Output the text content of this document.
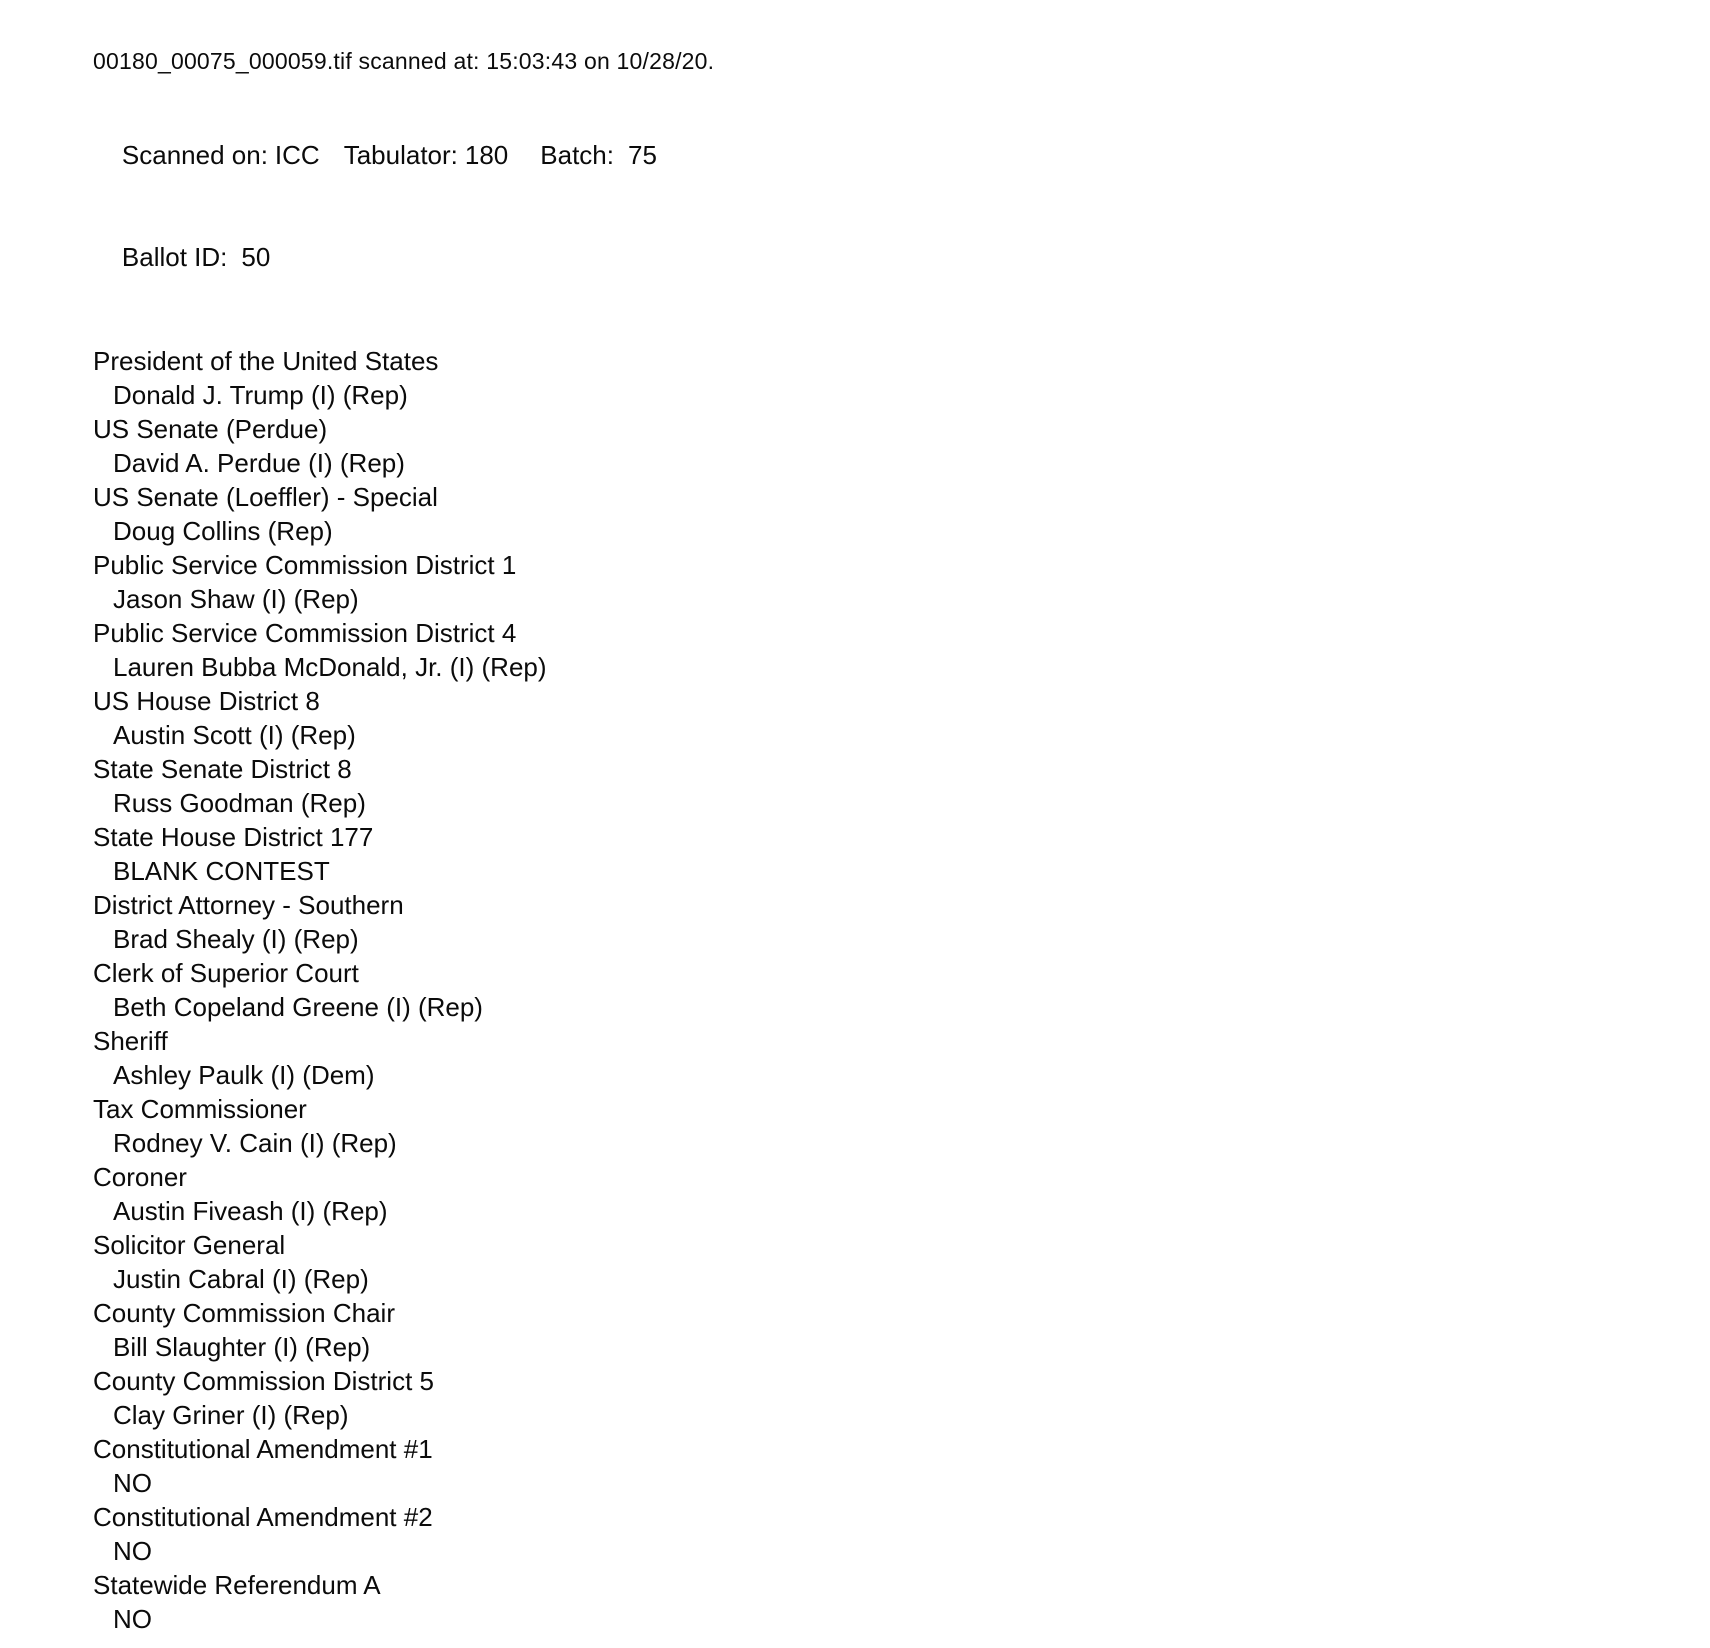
00180_00075_000059.tif scanned at: 15:03:43 on 10/28/20.

Scanned on: ICC Tabulator: 180 Batch: 75

Ballot ID: 50

President of the United States
Donald J. Trump (I) (Rep)
US Senate (Perdue)
David A. Perdue (I) (Rep)
US Senate (Loeffler) - Special
Doug Collins (Rep)
Public Service Commission District 1
Jason Shaw (I) (Rep)
Public Service Commission District 4
Lauren Bubba McDonald, Jr. (I) (Rep)
US House District 8
Austin Scott (I) (Rep)
State Senate District 8
Russ Goodman (Rep)
State House District 177
BLANK CONTEST
District Attorney - Southern
Brad Shealy (I) (Rep)
Clerk of Superior Court
Beth Copeland Greene (I) (Rep)
Sheriff
Ashley Paulk (I) (Dem)
Tax Commissioner
Rodney V. Cain (I) (Rep)
Coroner
Austin Fiveash (I) (Rep)
Solicitor General
Justin Cabral (I) (Rep)
County Commission Chair
Bill Slaughter (I) (Rep)
County Commission District 5
Clay Griner (I) (Rep)
Constitutional Amendment #1
NO
Constitutional Amendment #2
NO
Statewide Referendum A
NO
